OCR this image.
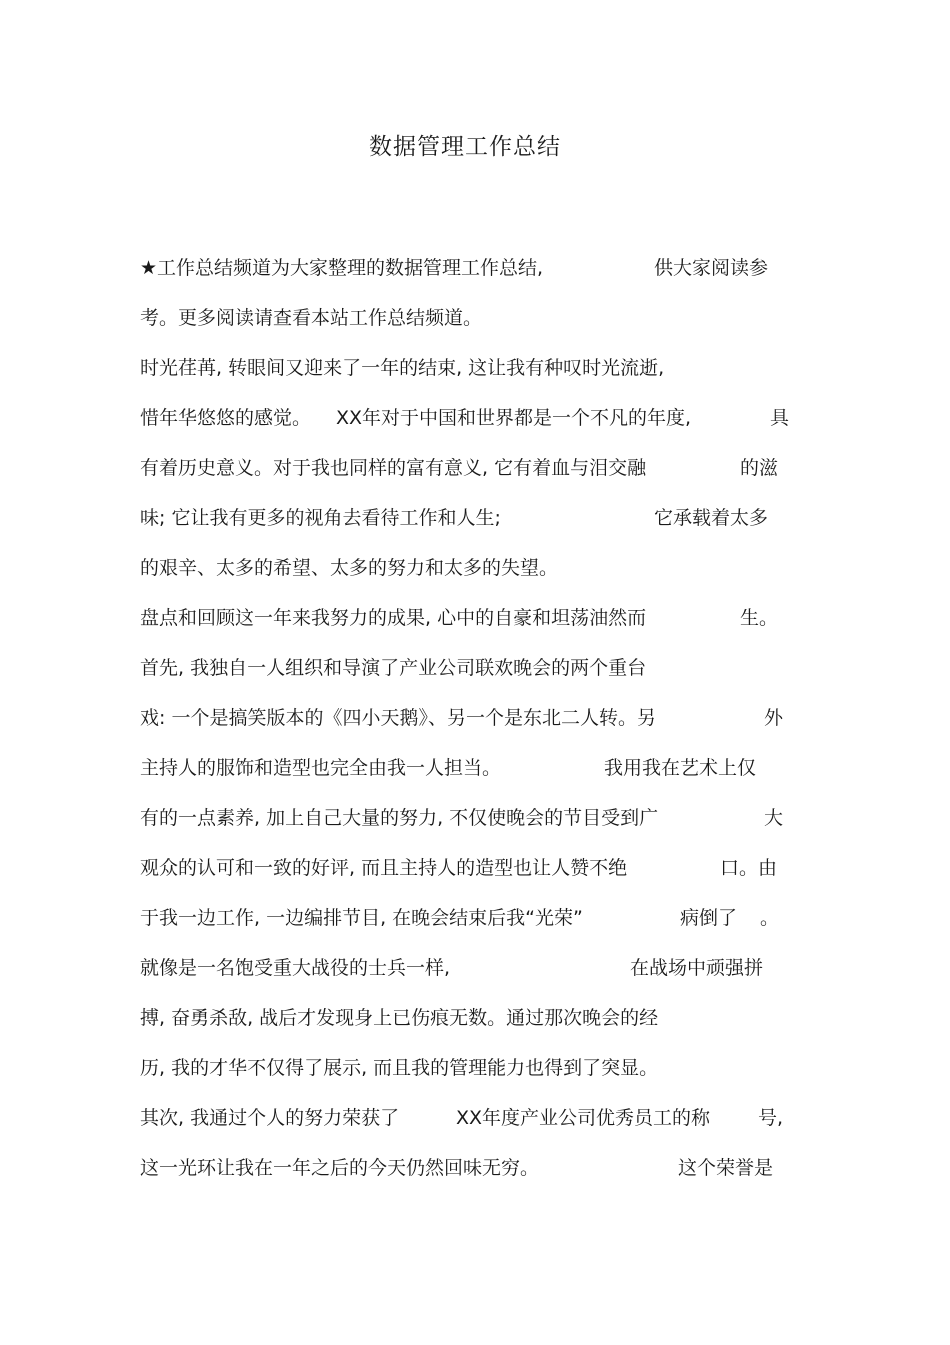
数据管理工作总结
★工作总结频道为大家整理的数据管理工作总结,	供大家阅读参
考。更多阅读请查看本站工作总结频道。
时光荏苒, 转眼间又迎来了一年的结束, 这让我有种叹时光流逝,
惜年华悠悠的感觉。 XX年对于中国和世界都是一个不凡的年度,	具
有着历史意义。对于我也同样的富有意义, 它有着血与泪交融	的滋
味; 它让我有更多的视角去看待工作和人生;	它承载着太多
的艰辛、太多的希望、太多的努力和太多的失望。
盘点和回顾这一年来我努力的成果, 心中的自豪和坦荡油然而	生。
首先, 我独自一人组织和导演了产业公司联欢晚会的两个重台
戏: 一个是搞笑版本的《四小天鹅》、另一个是东北二人转。另	外
主持人的服饰和造型也完全由我一人担当。	我用我在艺术上仅
有的一点素养, 加上自己大量的努力, 不仅使晚会的节目受到广	大
观众的认可和一致的好评, 而且主持人的造型也让人赞不绝	口。由
于我一边工作, 一边编排节目, 在晚会结束后我“光荣”	病倒了 。
就像是一名饱受重大战役的士兵一样,	在战场中顽强拼
搏, 奋勇杀敌, 战后才发现身上已伤痕无数。通过那次晚会的经
历, 我的才华不仅得了展示, 而且我的管理能力也得到了突显。
其次, 我通过个人的努力荣获了	XX年度产业公司优秀员工的称	号,
这一光环让我在一年之后的今天仍然回味无穷。	这个荣誉是
